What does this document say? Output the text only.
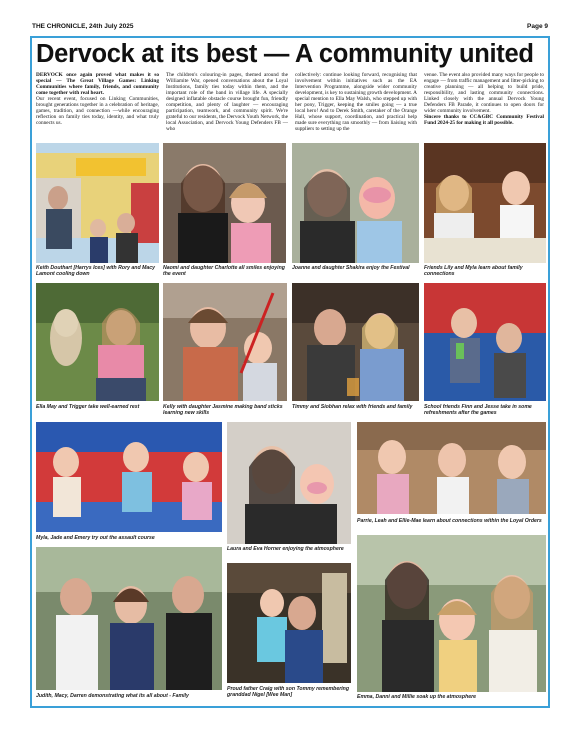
THE CHRONICLE, 24th July 2025	Page 9
Dervock at its best — A community united

DERVOCK once again proved what makes it so special — The Great Village Games: Linking Communities where family, friends, and community come together with real heart.

Our recent event, focused on Linking Communities, brought generations together in a celebration of heritage, games, tradition, and connection —while encouraging reflection on family ties today, identity, and what truly connects us.

The children's colouring-in pages, themed around the Williamite War, opened conversations about the Loyal Institutions, family ties today within them, and the important role of the band in village life. A specially designed inflatable obstacle course brought fun, friendly competition, and plenty of laughter — encouraging participation, teamwork, and community spirit. We're grateful to our residents, the Dervock Youth Network, the local Association, and Dervock Young Defenders FB — who

collectively: continue looking forward, recognising that involvement within initiatives such as the EA Intervention Programme, alongside wider community development, is key to sustaining growth development. A special mention to Ella May Walsh, who stepped up with her pony, Trigger, keeping the smiles going — a true local hero! And to Derek Smith, caretaker of the Orange Hall, whose support, coordination, and practical help made sure everything ran smoothly — from liaising with suppliers to setting up the

venue. The event also provided many ways for people to engage — from traffic management and litter-picking to creative planning — all helping to build pride, responsibility, and lasting community connections. Linked closely with the annual Dervock Young Defenders FB Parade, it continues to open doors for wider community involvement.

Sincere thanks to CC&GBC Community Festival Fund 2024-25 for making it all possible.

Keith Douthart [Harrys Ices] with Rory and Macy Lamont cooling down
Naomi and daughter Charlotte all smiles enjoying the event
Joanne and daughter Shakira enjoy the Festival	Friends Lily and Myla learn about family connections
Ella May and Trigger take well-earned rest	Kelly with daughter Jasmine making band sticks learning new skills
Timmy and Siobhan relax with friends and family	School friends Finn and Jesse take in some refreshments after the games
Myla, Jade and Emery try out the assault course
Laura and Eva Horner enjoying the atmosphere
Parrie, Leah and Ellie-Mae learn about connections within the Loyal Orders
Judith, Macy, Darren demonstrating what its all about - Family
Proud father Craig with son Tommy remembering granddad Nigel [Wee Man]	Emma, Danni and Millie soak up the atmosphere
